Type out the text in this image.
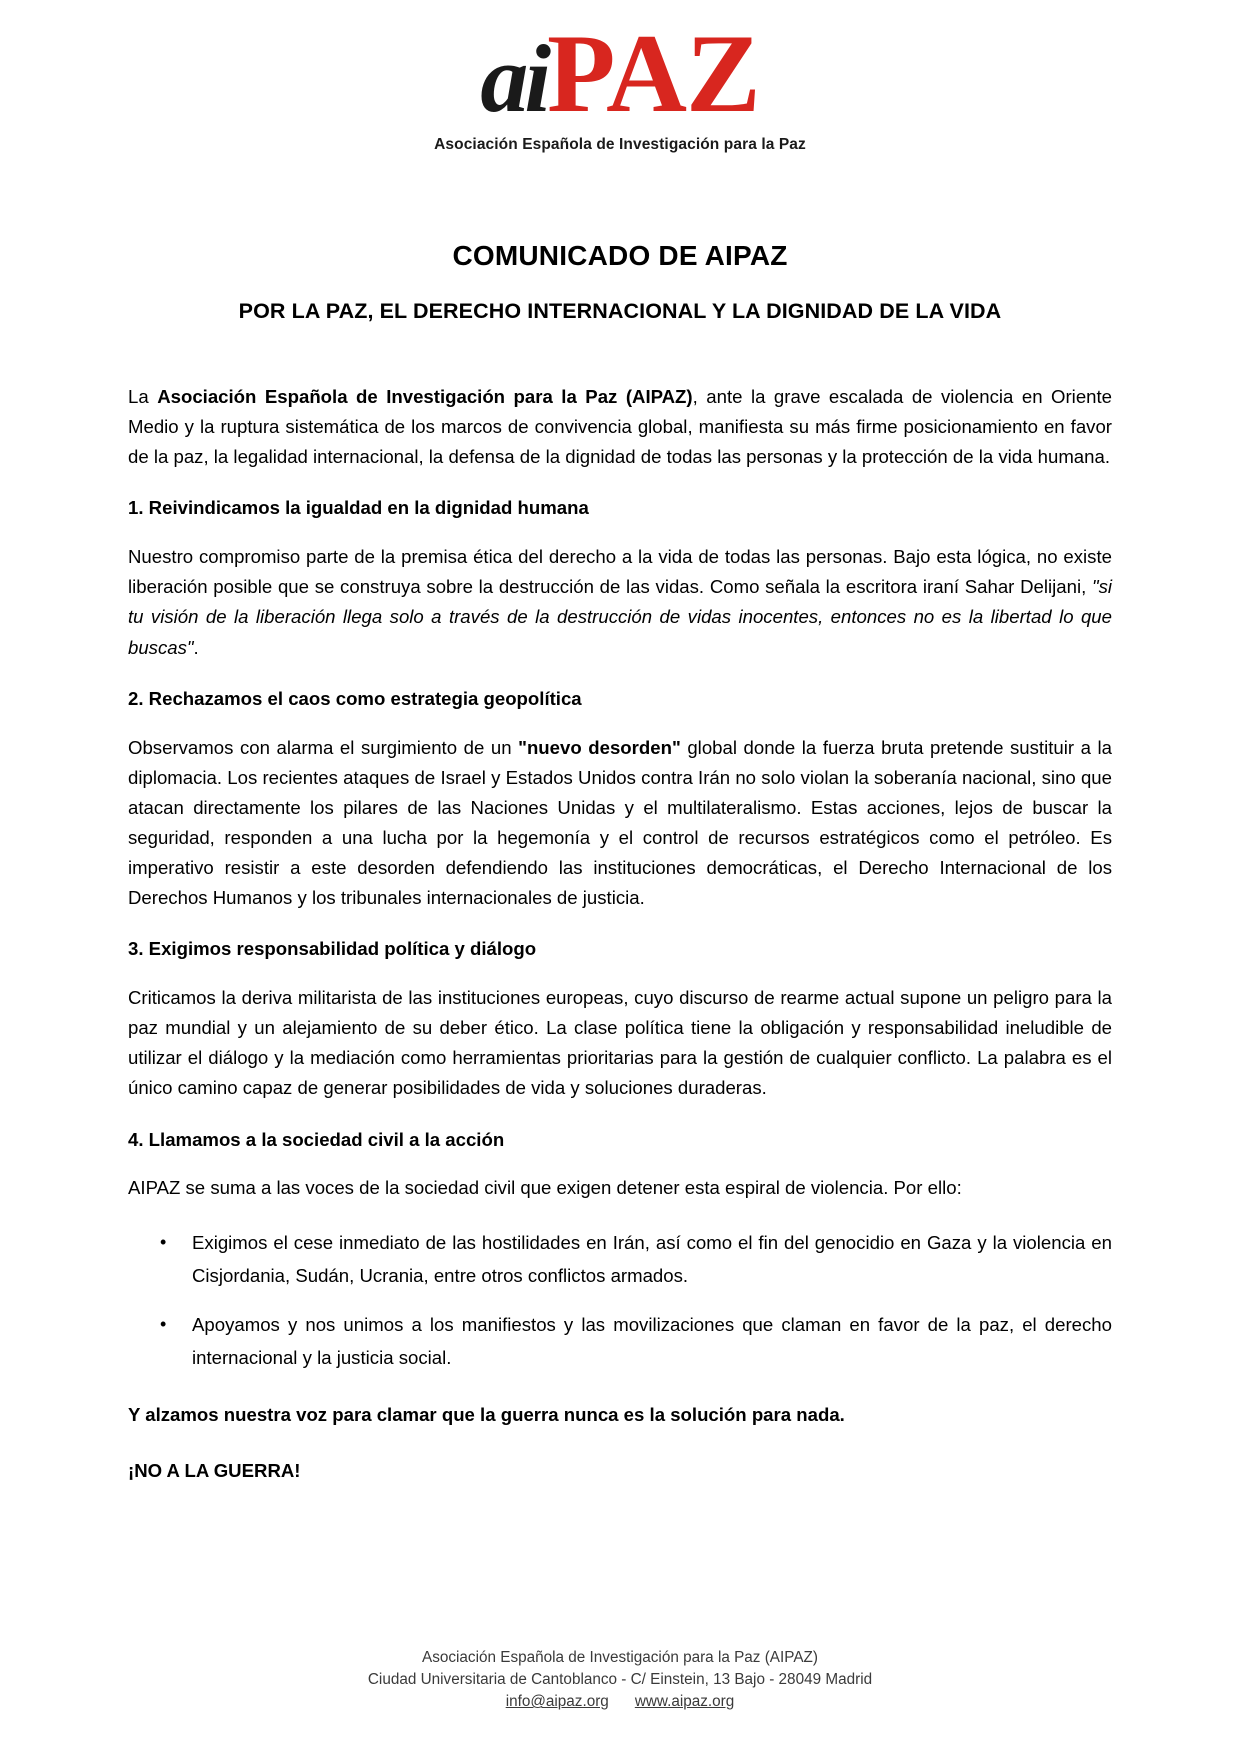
aiPAZ
Asociación Española de Investigación para la Paz
COMUNICADO DE AIPAZ
POR LA PAZ, EL DERECHO INTERNACIONAL Y LA DIGNIDAD DE LA VIDA

La Asociación Española de Investigación para la Paz (AIPAZ), ante la grave escalada de violencia en Oriente Medio y la ruptura sistemática de los marcos de convivencia global, manifiesta su más firme posicionamiento en favor de la paz, la legalidad internacional, la defensa de la dignidad de todas las personas y la protección de la vida humana.

1. Reivindicamos la igualdad en la dignidad humana

Nuestro compromiso parte de la premisa ética del derecho a la vida de todas las personas. Bajo esta lógica, no existe liberación posible que se construya sobre la destrucción de las vidas. Como señala la escritora iraní Sahar Delijani, "si tu visión de la liberación llega solo a través de la destrucción de vidas inocentes, entonces no es la libertad lo que buscas".

2. Rechazamos el caos como estrategia geopolítica

Observamos con alarma el surgimiento de un "nuevo desorden" global donde la fuerza bruta pretende sustituir a la diplomacia. Los recientes ataques de Israel y Estados Unidos contra Irán no solo violan la soberanía nacional, sino que atacan directamente los pilares de las Naciones Unidas y el multilateralismo. Estas acciones, lejos de buscar la seguridad, responden a una lucha por la hegemonía y el control de recursos estratégicos como el petróleo. Es imperativo resistir a este desorden defendiendo las instituciones democráticas, el Derecho Internacional de los Derechos Humanos y los tribunales internacionales de justicia.

3. Exigimos responsabilidad política y diálogo

Criticamos la deriva militarista de las instituciones europeas, cuyo discurso de rearme actual supone un peligro para la paz mundial y un alejamiento de su deber ético. La clase política tiene la obligación y responsabilidad ineludible de utilizar el diálogo y la mediación como herramientas prioritarias para la gestión de cualquier conflicto. La palabra es el único camino capaz de generar posibilidades de vida y soluciones duraderas.

4. Llamamos a la sociedad civil a la acción

AIPAZ se suma a las voces de la sociedad civil que exigen detener esta espiral de violencia. Por ello:

• Exigimos el cese inmediato de las hostilidades en Irán, así como el fin del genocidio en Gaza y la violencia en Cisjordania, Sudán, Ucrania, entre otros conflictos armados.
• Apoyamos y nos unimos a los manifiestos y las movilizaciones que claman en favor de la paz, el derecho internacional y la justicia social.

Y alzamos nuestra voz para clamar que la guerra nunca es la solución para nada.

¡NO A LA GUERRA!

Asociación Española de Investigación para la Paz (AIPAZ)
Ciudad Universitaria de Cantoblanco - C/ Einstein, 13 Bajo - 28049 Madrid
info@aipaz.org www.aipaz.org
